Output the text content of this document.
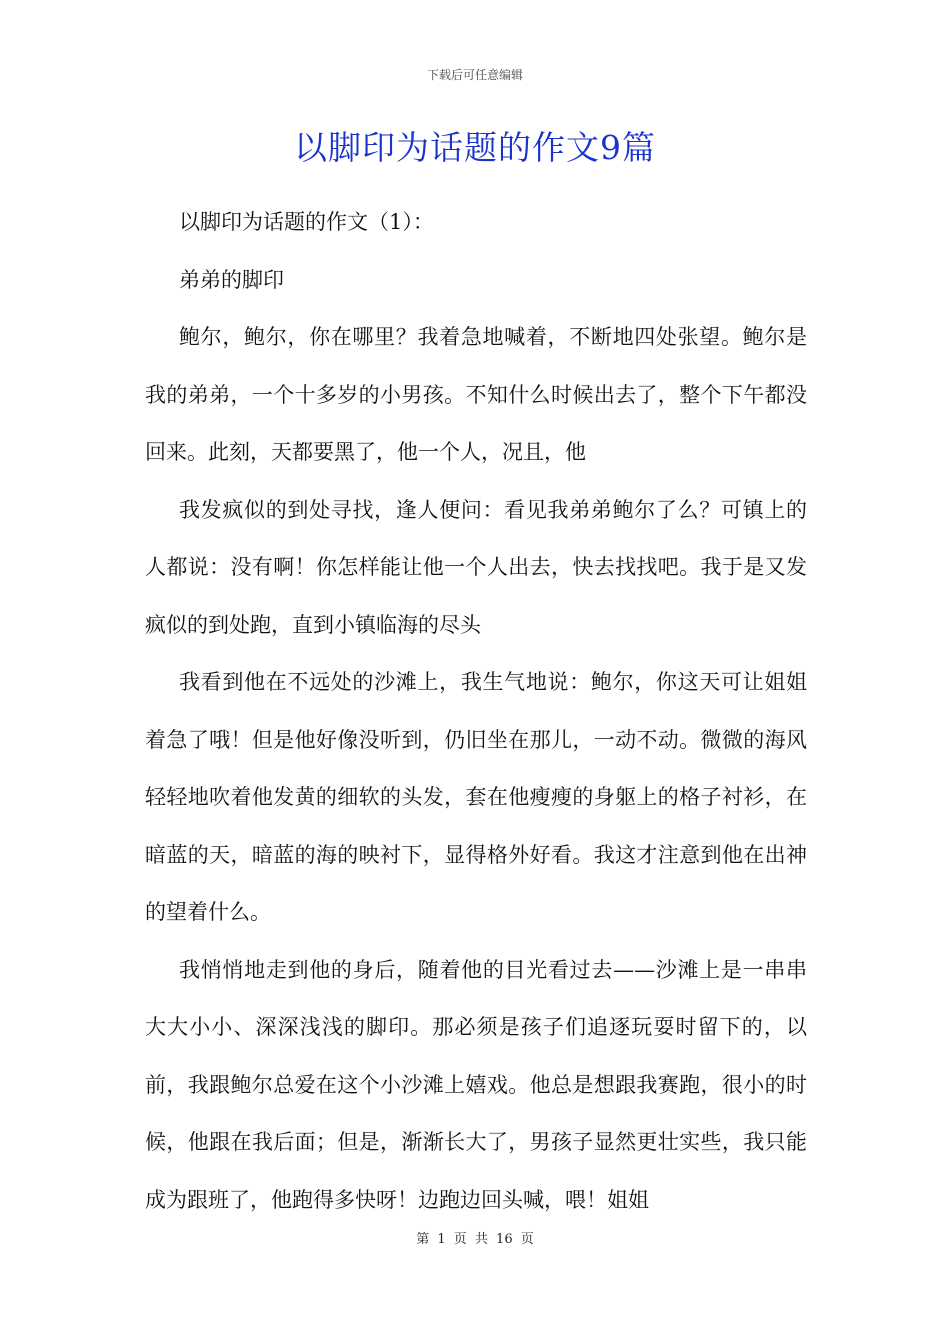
下载后可任意编辑
以脚印为话题的作文9篇

以脚印为话题的作文（1）：

弟弟的脚印

鲍尔，鲍尔，你在哪里？我着急地喊着，不断地四处张望。鲍尔是我的弟弟，一个十多岁的小男孩。不知什么时候出去了，整个下午都没回来。此刻，天都要黑了，他一个人，况且，他

我发疯似的到处寻找，逢人便问：看见我弟弟鲍尔了么？可镇上的人都说：没有啊！你怎样能让他一个人出去，快去找找吧。我于是又发疯似的到处跑，直到小镇临海的尽头

我看到他在不远处的沙滩上，我生气地说：鲍尔，你这天可让姐姐着急了哦！但是他好像没听到，仍旧坐在那儿，一动不动。微微的海风轻轻地吹着他发黄的细软的头发，套在他瘦瘦的身躯上的格子衬衫，在暗蓝的天，暗蓝的海的映衬下，显得格外好看。我这才注意到他在出神的望着什么。

我悄悄地走到他的身后，随着他的目光看过去——沙滩上是一串串大大小小、深深浅浅的脚印。那必须是孩子们追逐玩耍时留下的，以前，我跟鲍尔总爱在这个小沙滩上嬉戏。他总是想跟我赛跑，很小的时候，他跟在我后面；但是，渐渐长大了，男孩子显然更壮实些，我只能成为跟班了，他跑得多快呀！边跑边回头喊，喂！姐姐

第 1 页 共 16 页
